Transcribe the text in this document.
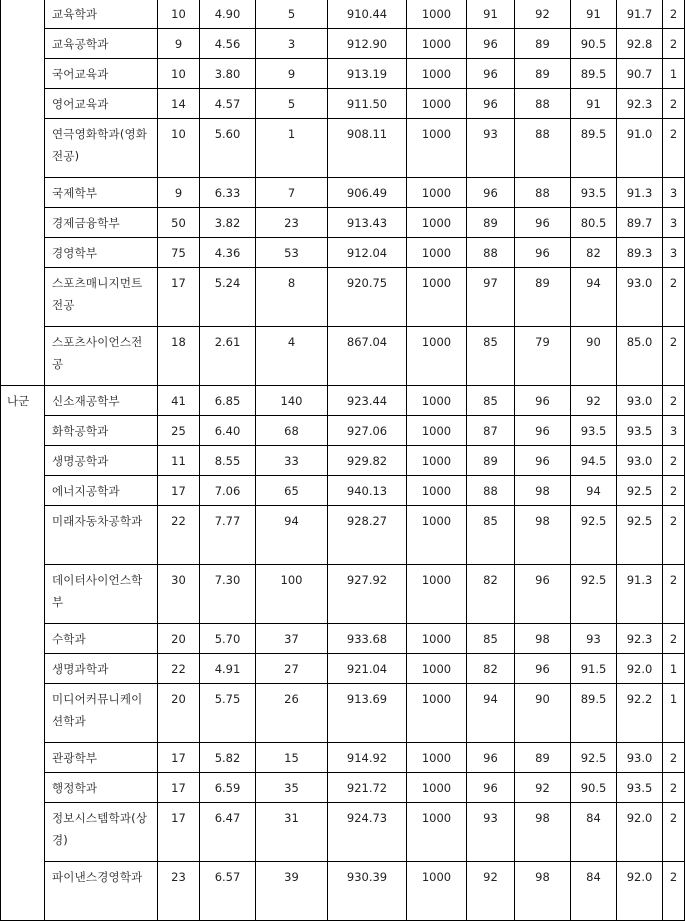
	교육학과	10	4.90	5	910.44	1000	91	92	91	91.7	2	
	교육공학과	9	4.56	3	912.90	1000	96	89	90.5	92.8	2	
	국어교육과	10	3.80	9	913.19	1000	96	89	89.5	90.7	1	
	영어교육과	14	4.57	5	911.50	1000	96	88	91	92.3	2	
	연극영화학과(영화전공)	10	5.60	1	908.11	1000	93	88	89.5	91.0	2	
	국제학부	9	6.33	7	906.49	1000	96	88	93.5	91.3	3	
	경제금융학부	50	3.82	23	913.43	1000	89	96	80.5	89.7	3	
	경영학부	75	4.36	53	912.04	1000	88	96	82	89.3	3	
	스포츠매니지먼트전공	17	5.24	8	920.75	1000	97	89	94	93.0	2	
	스포츠사이언스전공	18	2.61	4	867.04	1000	85	79	90	85.0	2	
나군	신소재공학부	41	6.85	140	923.44	1000	85	96	92	93.0	2	
	화학공학과	25	6.40	68	927.06	1000	87	96	93.5	93.5	3	
	생명공학과	11	8.55	33	929.82	1000	89	96	94.5	93.0	2	
	에너지공학과	17	7.06	65	940.13	1000	88	98	94	92.5	2	
	미래자동차공학과	22	7.77	94	928.27	1000	85	98	92.5	92.5	2	
	데이터사이언스학부	30	7.30	100	927.92	1000	82	96	92.5	91.3	2	
	수학과	20	5.70	37	933.68	1000	85	98	93	92.3	2	
	생명과학과	22	4.91	27	921.04	1000	82	96	91.5	92.0	1	
	미디어커뮤니케이션학과	20	5.75	26	913.69	1000	94	90	89.5	92.2	1	
	관광학부	17	5.82	15	914.92	1000	96	89	92.5	93.0	2	
	행정학과	17	6.59	35	921.72	1000	96	92	90.5	93.5	2	
	정보시스템학과(상경)	17	6.47	31	924.73	1000	93	98	84	92.0	2	
	파이낸스경영학과	23	6.57	39	930.39	1000	92	98	84	92.0	2	
